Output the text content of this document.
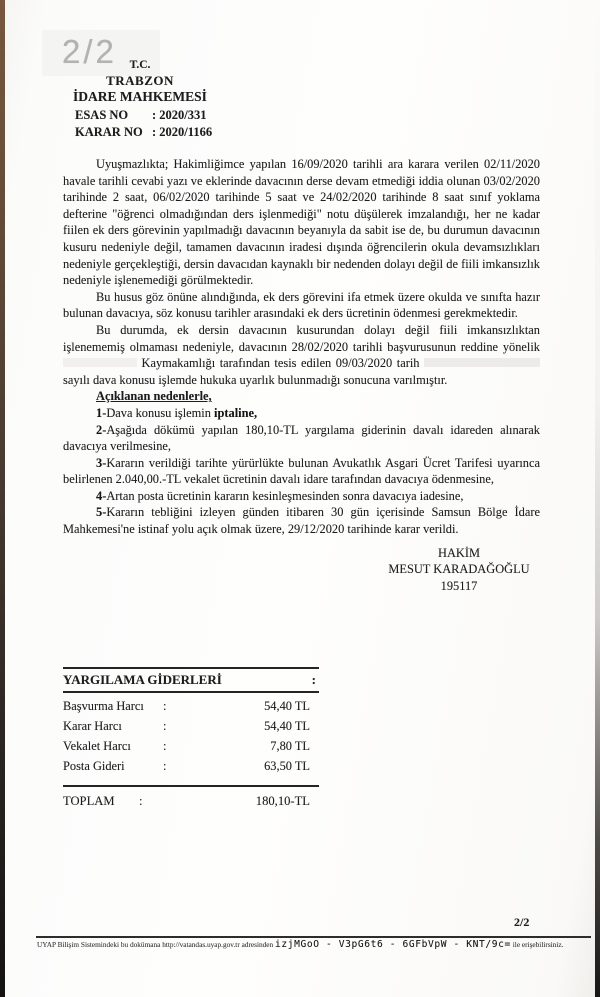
2/2	T.C.
TRABZON
İDARE MAHKEMESİ
ESAS NO : 2020/331
KARAR NO : 2020/1166

Uyuşmazlıkta; Hakimliğimce yapılan 16/09/2020 tarihli ara karara verilen 02/11/2020 havale tarihli cevabi yazı ve eklerinde davacının derse devam etmediği iddia olunan 03/02/2020 tarihinde 2 saat, 06/02/2020 tarihinde 5 saat ve 24/02/2020 tarihinde 8 saat sınıf yoklama defterine "öğrenci olmadığından ders işlenmediği" notu düşülerek imzalandığı, her ne kadar fiilen ek ders görevinin yapılmadığı davacının beyanıyla da sabit ise de, bu durumun davacının kusuru nedeniyle değil, tamamen davacının iradesi dışında öğrencilerin okula devamsızlıkları nedeniyle gerçekleştiği, dersin davacıdan kaynaklı bir nedenden dolayı değil de fiili imkansızlık nedeniyle işlenemediği görülmektedir.

Bu husus göz önüne alındığında, ek ders görevini ifa etmek üzere okulda ve sınıfta hazır bulunan davacıya, söz konusu tarihler arasındaki ek ders ücretinin ödenmesi gerekmektedir.

Bu durumda, ek dersin davacının kusurundan dolayı değil fiili imkansızlıktan işlenememiş olmaması nedeniyle, davacının 28/02/2020 tarihli başvurusunun reddine yönelik  Kaymakamlığı tarafından tesis edilen 09/03/2020 tarih  sayılı dava konusu işlemde hukuka uyarlık bulunmadığı sonucuna varılmıştır.

Açıklanan nedenlerle,

1-Dava konusu işlemin iptaline,

2-Aşağıda dökümü yapılan 180,10-TL yargılama giderinin davalı idareden alınarak davacıya verilmesine,

3-Kararın verildiği tarihte yürürlükte bulunan Avukatlık Asgari Ücret Tarifesi uyarınca belirlenen 2.040,00.-TL vekalet ücretinin davalı idare tarafından davacıya ödenmesine,

4-Artan posta ücretinin kararın kesinleşmesinden sonra davacıya iadesine,

5-Kararın tebliğini izleyen günden itibaren 30 gün içerisinde Samsun Bölge İdare Mahkemesi'ne istinaf yolu açık olmak üzere, 29/12/2020 tarihinde karar verildi.

HAKİM
MESUT KARADAĞOĞLU
195117
YARGILAMA GİDERLERİ	:
Başvurma Harcı	:	54,40 TL
Karar Harcı	:	54,40 TL
Vekalet Harcı	:	7,80 TL
Posta Gideri	:	63,50 TL
TOPLAM	:	180,10-TL
2/2
UYAP Bilişim Sistemindeki bu dokümana http://vatandas.uyap.gov.tr adresinden izjMGoO - V3pG6t6 - 6GFbVpW - KNT/9c= ile erişebilirsiniz.
